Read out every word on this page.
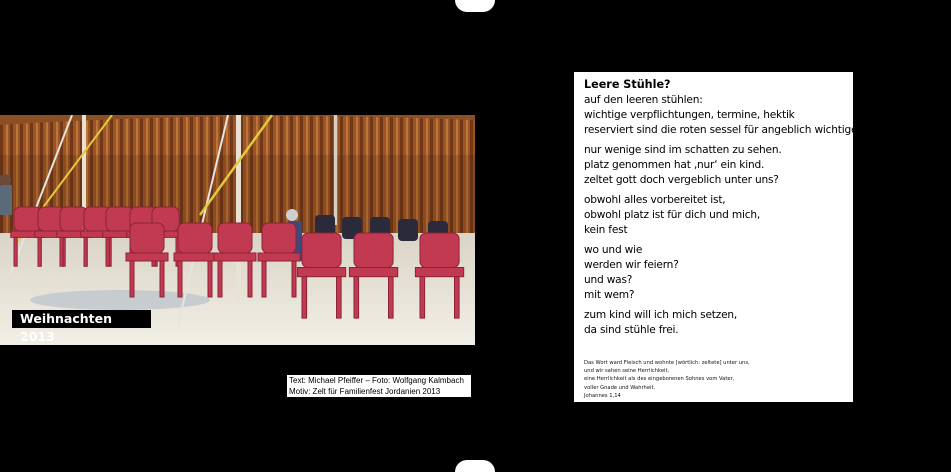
Weihnachten 2013
Text: Michael Pfeiffer – Foto: Wolfgang Kalmbach
Motiv: Zelt für Familienfest Jordanien 2013
Leere Stühle?
auf den leeren stühlen:
wichtige verpflichtungen, termine, hektik
reserviert sind die roten sessel für angeblich wichtiges.
nur wenige sind im schatten zu sehen.
platz genommen hat ‚nur‘ ein kind.
zeltet gott doch vergeblich unter uns?
obwohl alles vorbereitet ist,
obwohl platz ist für dich und mich,
kein fest
wo und wie
werden wir feiern?
und was?
mit wem?
zum kind will ich mich setzen,
da sind stühle frei.
Das Wort ward Fleisch und wohnte [wörtlich: zeltete] unter uns,
und wir sahen seine Herrlichkeit,
eine Herrlichkeit als des eingeborenen Sohnes vom Vater,
voller Gnade und Wahrheit.
Johannes 1,14
